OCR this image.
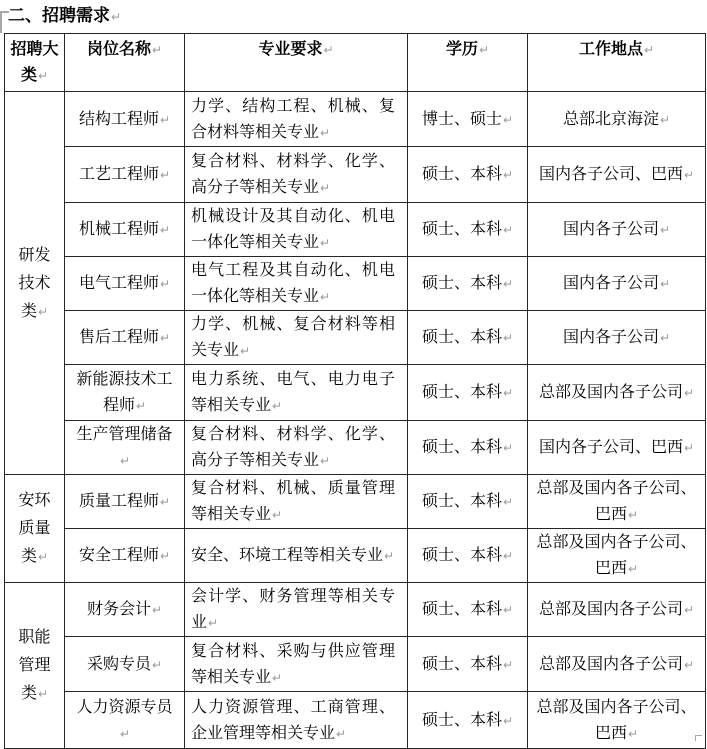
二、招聘需求↵
招聘大类↵	岗位名称↵	专业要求↵	学历↵	工作地点↵
研发技术类↵	结构工程师↵	力学、结构工程、机械、复合材料等相关专业↵	博士、硕士↵	总部北京海淀↵
	工艺工程师↵	复合材料、材料学、化学、高分子等相关专业↵	硕士、本科↵	国内各子公司、巴西↵
	机械工程师↵	机械设计及其自动化、机电一体化等相关专业↵	硕士、本科↵	国内各子公司↵
	电气工程师↵	电气工程及其自动化、机电一体化等相关专业↵	硕士、本科↵	国内各子公司↵
	售后工程师↵	力学、机械、复合材料等相关专业↵	硕士、本科↵	国内各子公司↵
	新能源技术工程师↵	电力系统、电气、电力电子等相关专业↵	硕士、本科↵	总部及国内各子公司↵
	生产管理储备↵	复合材料、材料学、化学、高分子等相关专业↵	硕士、本科↵	国内各子公司、巴西↵
安环质量类↵	质量工程师↵	复合材料、机械、质量管理等相关专业↵	硕士、本科↵	总部及国内各子公司、巴西↵
	安全工程师↵	安全、环境工程等相关专业↵	硕士、本科↵	总部及国内各子公司、巴西↵
职能管理类↵	财务会计↵	会计学、财务管理等相关专业↵	硕士、本科↵	总部及国内各子公司↵
	采购专员↵	复合材料、采购与供应管理等相关专业↵	硕士、本科↵	总部及国内各子公司↵
	人力资源专员↵	人力资源管理、工商管理、企业管理等相关专业↵	硕士、本科↵	总部及国内各子公司、巴西↵
